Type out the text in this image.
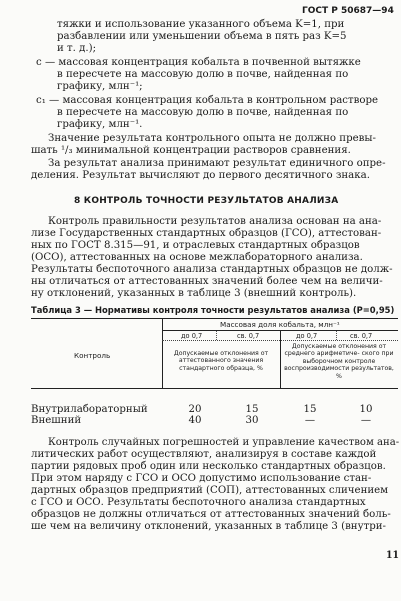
ГОСТ Р 50687—94
тяжки и использование указанного объема K=1, при
разбавлении или уменьшении объема в пять раз K=5
и т. д.);
c — массовая концентрация кобальта в почвенной вытяжке
в пересчете на массовую долю в почве, найденная по
графику, млн⁻¹;
c₁ — массовая концентрация кобальта в контрольном растворе
в пересчете на массовую долю в почве, найденная по
графику, млн⁻¹.
Значение результата контрольного опыта не должно превы-
шать ¹/₃ минимальной концентрации растворов сравнения.
За результат анализа принимают результат единичного опре-
деления. Результат вычисляют до первого десятичного знака.
8 КОНТРОЛЬ ТОЧНОСТИ РЕЗУЛЬТАТОВ АНАЛИЗА
Контроль правильности результатов анализа основан на ана-
лизе Государственных стандартных образцов (ГСО), аттестован-
ных по ГОСТ 8.315—91, и отраслевых стандартных образцов
(ОСО), аттестованных на основе межлабораторного анализа.
Результаты беспоточного анализа стандартных образцов не долж-
ны отличаться от аттестованных значений более чем на величи-
ну отклонений, указанных в таблице 3 (внешний контроль).
Таблица 3 — Нормативы контроля точности результатов анализа (P=0,95)
Массовая доля кобальта, млн⁻¹
до 0,7	св. 0,7	до 0,7	св. 0,7
Контроль	Допускаемые отклонения от аттестованного значения стандартного образца, %
Допускаемые отклонения от среднего арифметиче- ского при выборочном контроле воспроизводимости результатов, %
Внутрилабораторный	20	15	15	10
Внешний	40	30	—	—
Контроль случайных погрешностей и управление качеством ана-
литических работ осуществляют, анализируя в составе каждой
партии рядовых проб один или несколько стандартных образцов.
При этом наряду с ГСО и ОСО допустимо использование стан-
дартных образцов предприятий (СОП), аттестованных сличением
с ГСО и ОСО. Результаты беспоточного анализа стандартных
образцов не должны отличаться от аттестованных значений боль-
ше чем на величину отклонений, указанных в таблице 3 (внутри-
11
